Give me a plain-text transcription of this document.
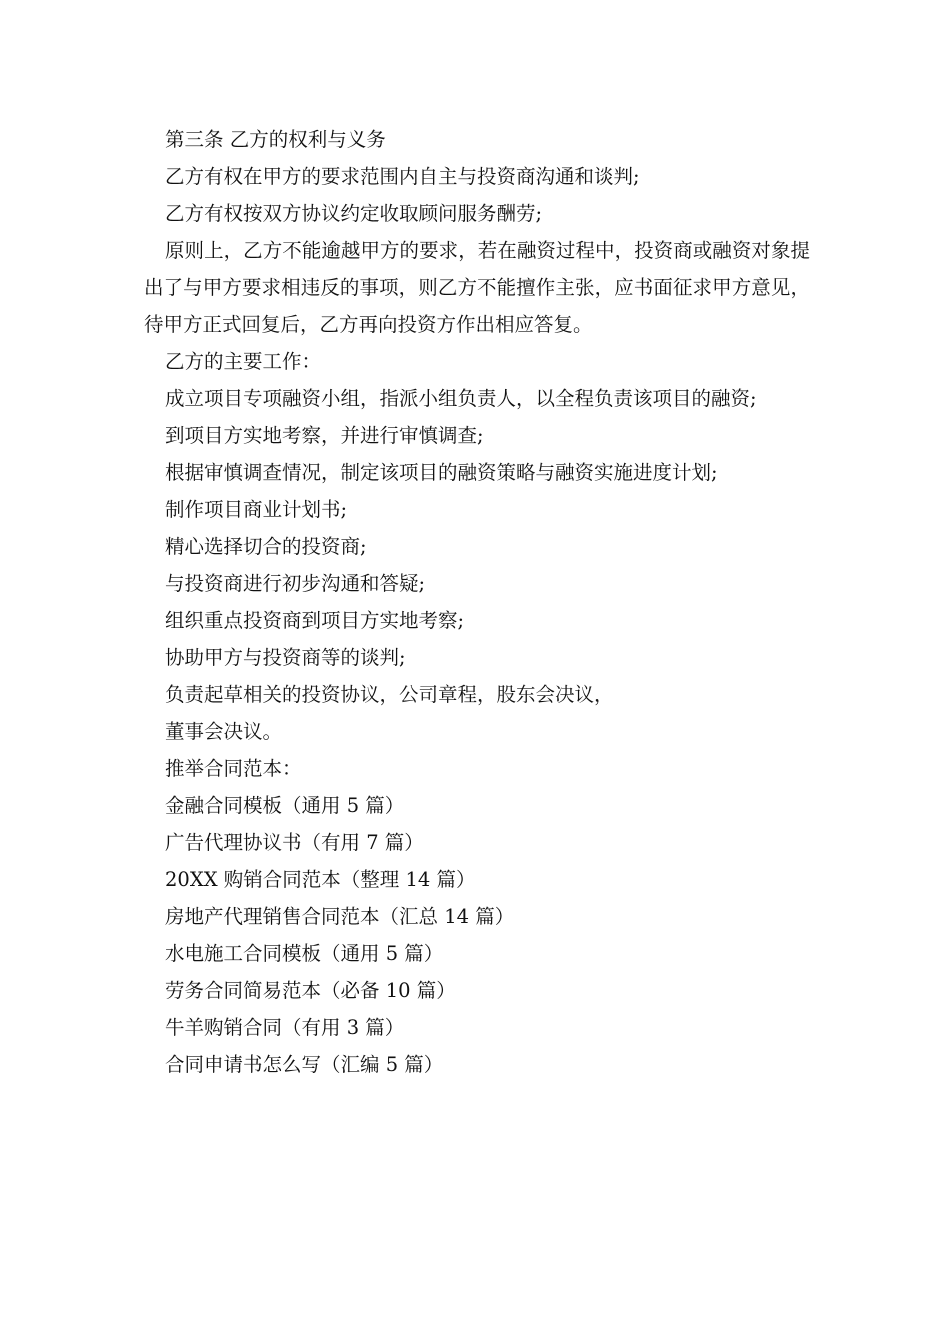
第三条 乙方的权利与义务

乙方有权在甲方的要求范围内自主与投资商沟通和谈判;

乙方有权按双方协议约定收取顾问服务酬劳;

原则上，乙方不能逾越甲方的要求，若在融资过程中，投资商或融资对象提出了与甲方要求相违反的事项，则乙方不能擅作主张，应书面征求甲方意见，待甲方正式回复后，乙方再向投资方作出相应答复。

乙方的主要工作：

成立项目专项融资小组，指派小组负责人，以全程负责该项目的融资;

到项目方实地考察，并进行审慎调查;

根据审慎调查情况，制定该项目的融资策略与融资实施进度计划;

制作项目商业计划书;

精心选择切合的投资商;

与投资商进行初步沟通和答疑;

组织重点投资商到项目方实地考察;

协助甲方与投资商等的谈判;

负责起草相关的投资协议，公司章程，股东会决议，

董事会决议。

推举合同范本：

金融合同模板（通用 5 篇）

广告代理协议书（有用 7 篇）

20XX 购销合同范本（整理 14 篇）

房地产代理销售合同范本（汇总 14 篇）

水电施工合同模板（通用 5 篇）

劳务合同简易范本（必备 10 篇）

牛羊购销合同（有用 3 篇）

合同申请书怎么写（汇编 5 篇）
